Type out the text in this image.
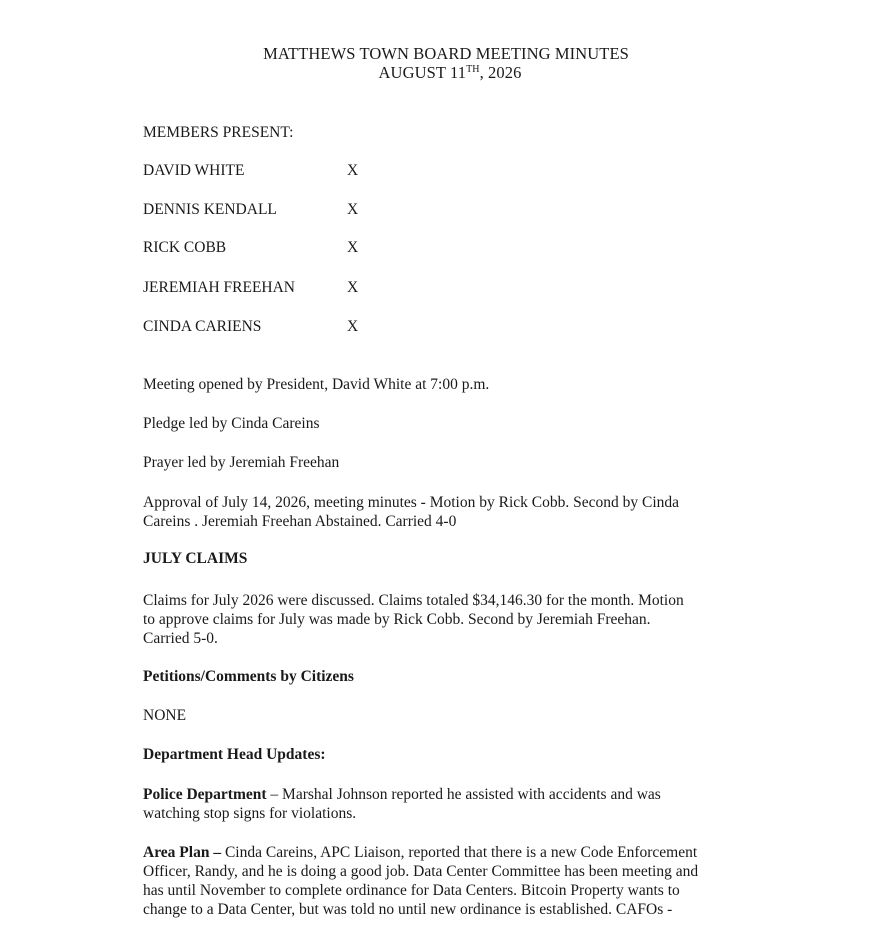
MATTHEWS TOWN BOARD MEETING MINUTES
AUGUST 11TH, 2026
MEMBERS PRESENT:
DAVID WHITE	X
DENNIS KENDALL	X
RICK COBB	X
JEREMIAH FREEHAN	X
CINDA CARIENS	X
Meeting opened by President, David White at 7:00 p.m.
Pledge led by Cinda Careins
Prayer led by Jeremiah Freehan
Approval of July 14, 2026, meeting minutes - Motion by Rick Cobb. Second by Cinda
Careins . Jeremiah Freehan Abstained. Carried 4-0
JULY CLAIMS
Claims for July 2026 were discussed. Claims totaled $34,146.30 for the month. Motion
to approve claims for July was made by Rick Cobb. Second by Jeremiah Freehan.
Carried 5-0.
Petitions/Comments by Citizens
NONE
Department Head Updates:
Police Department – Marshal Johnson reported he assisted with accidents and was
watching stop signs for violations.
Area Plan – Cinda Careins, APC Liaison, reported that there is a new Code Enforcement
Officer, Randy, and he is doing a good job. Data Center Committee has been meeting and
has until November to complete ordinance for Data Centers. Bitcoin Property wants to
change to a Data Center, but was told no until new ordinance is established. CAFOs -
